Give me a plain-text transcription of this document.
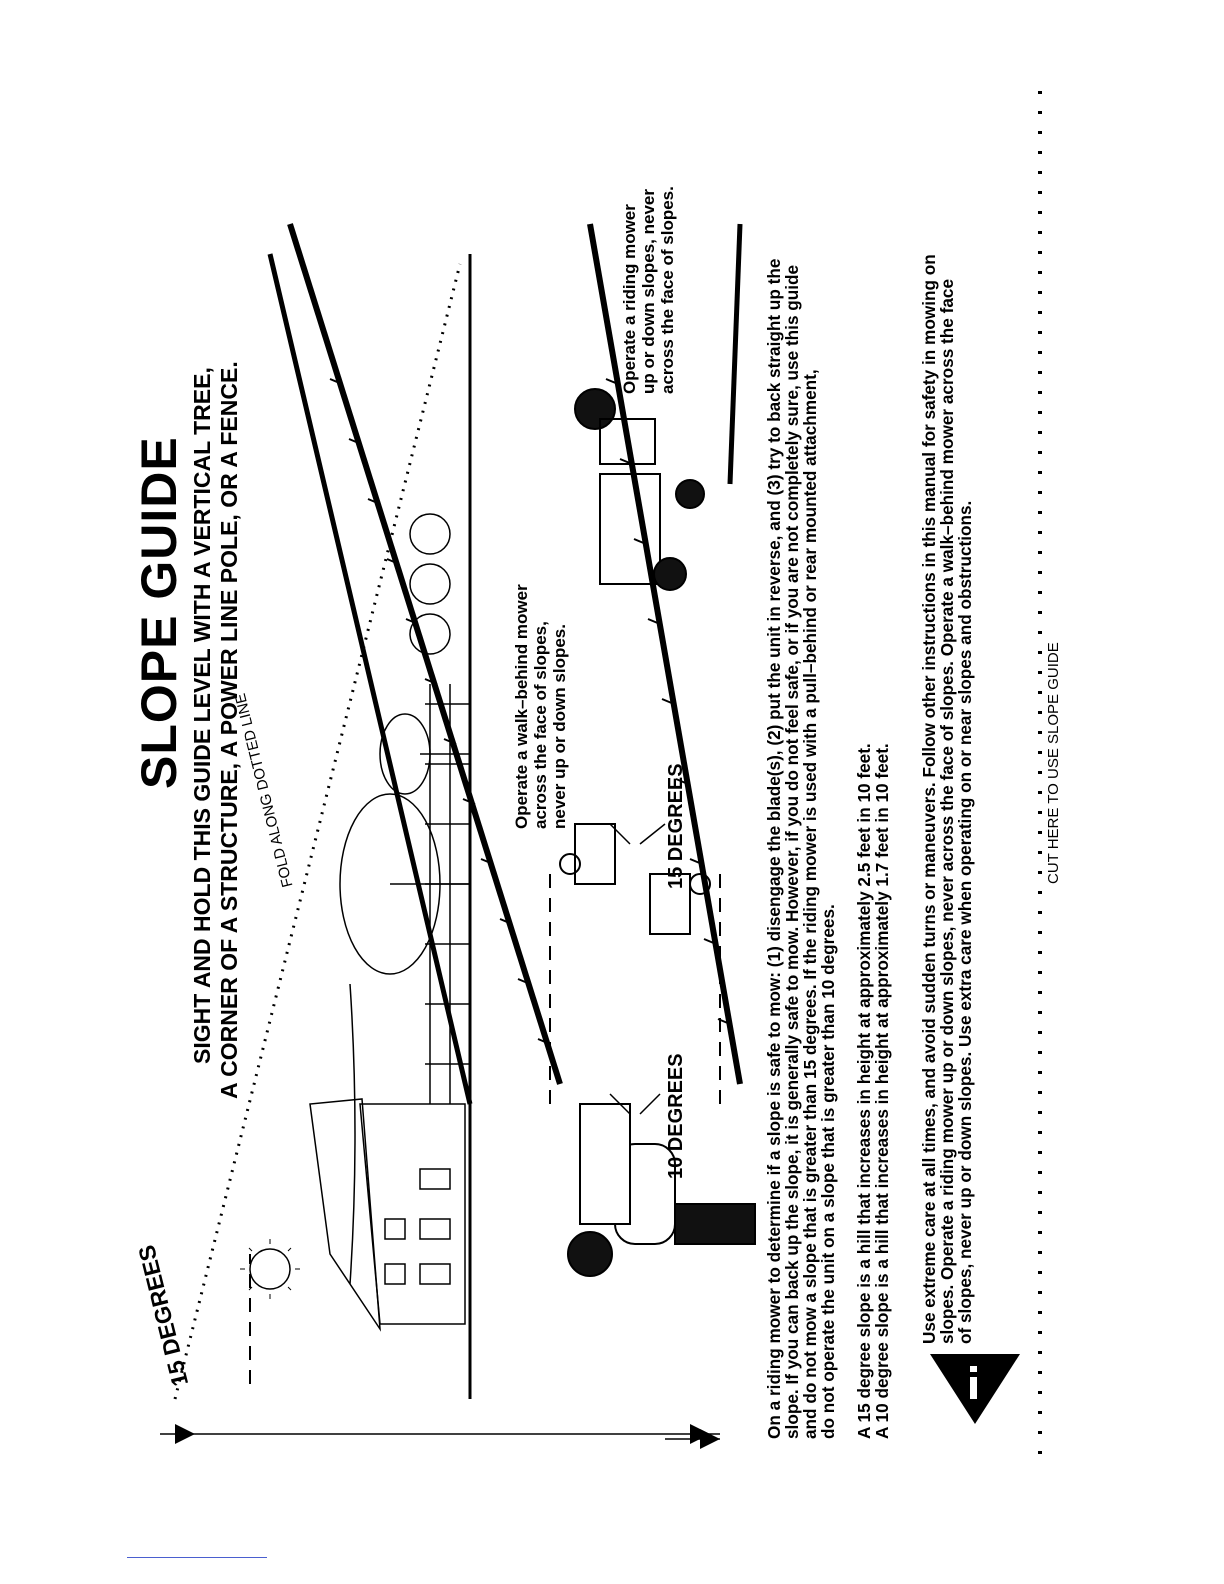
SLOPE GUIDE SIGHT AND HOLD THIS GUIDE LEVEL WITH A VERTICAL TREE, A CORNER OF A STRUCTURE, A POWER LINE POLE, OR A FENCE.
15 DEGREES
FOLD ALONG DOTTED LINE
10 DEGREES
15 DEGREES
Operate a walk–behind mower across the face of slopes, never up or down slopes.
Operate a riding mower up or down slopes, never across the face of slopes.	On a riding mower to determine if a slope is safe to mow: (1) disengage the blade(s), (2) put the unit in reverse, and (3) try to back straight up the
slope. If you can back up the slope, it is generally safe to mow. However, if you do not feel safe, or if you are not completely sure, use this guide
and do not mow a slope that is greater than 15 degrees. If the riding mower is used with a pull–behind or rear mounted attachment,
do not operate the unit on a slope that is greater than 10 degrees. A 15 degree slope is a hill that increases in height at approximately 2.5 feet in 10 feet.
A 10 degree slope is a hill that increases in height at approximately 1.7 feet in 10 feet. Use extreme care at all times, and avoid sudden turns or maneuvers. Follow other instructions in this manual for safety in mowing on
slopes. Operate a riding mower up or down slopes, never across the face of slopes. Operate a walk–behind mower across the face
of slopes, never up or down slopes. Use extra care when operating on or near slopes and obstructions.	CUT HERE TO USE SLOPE GUIDE
